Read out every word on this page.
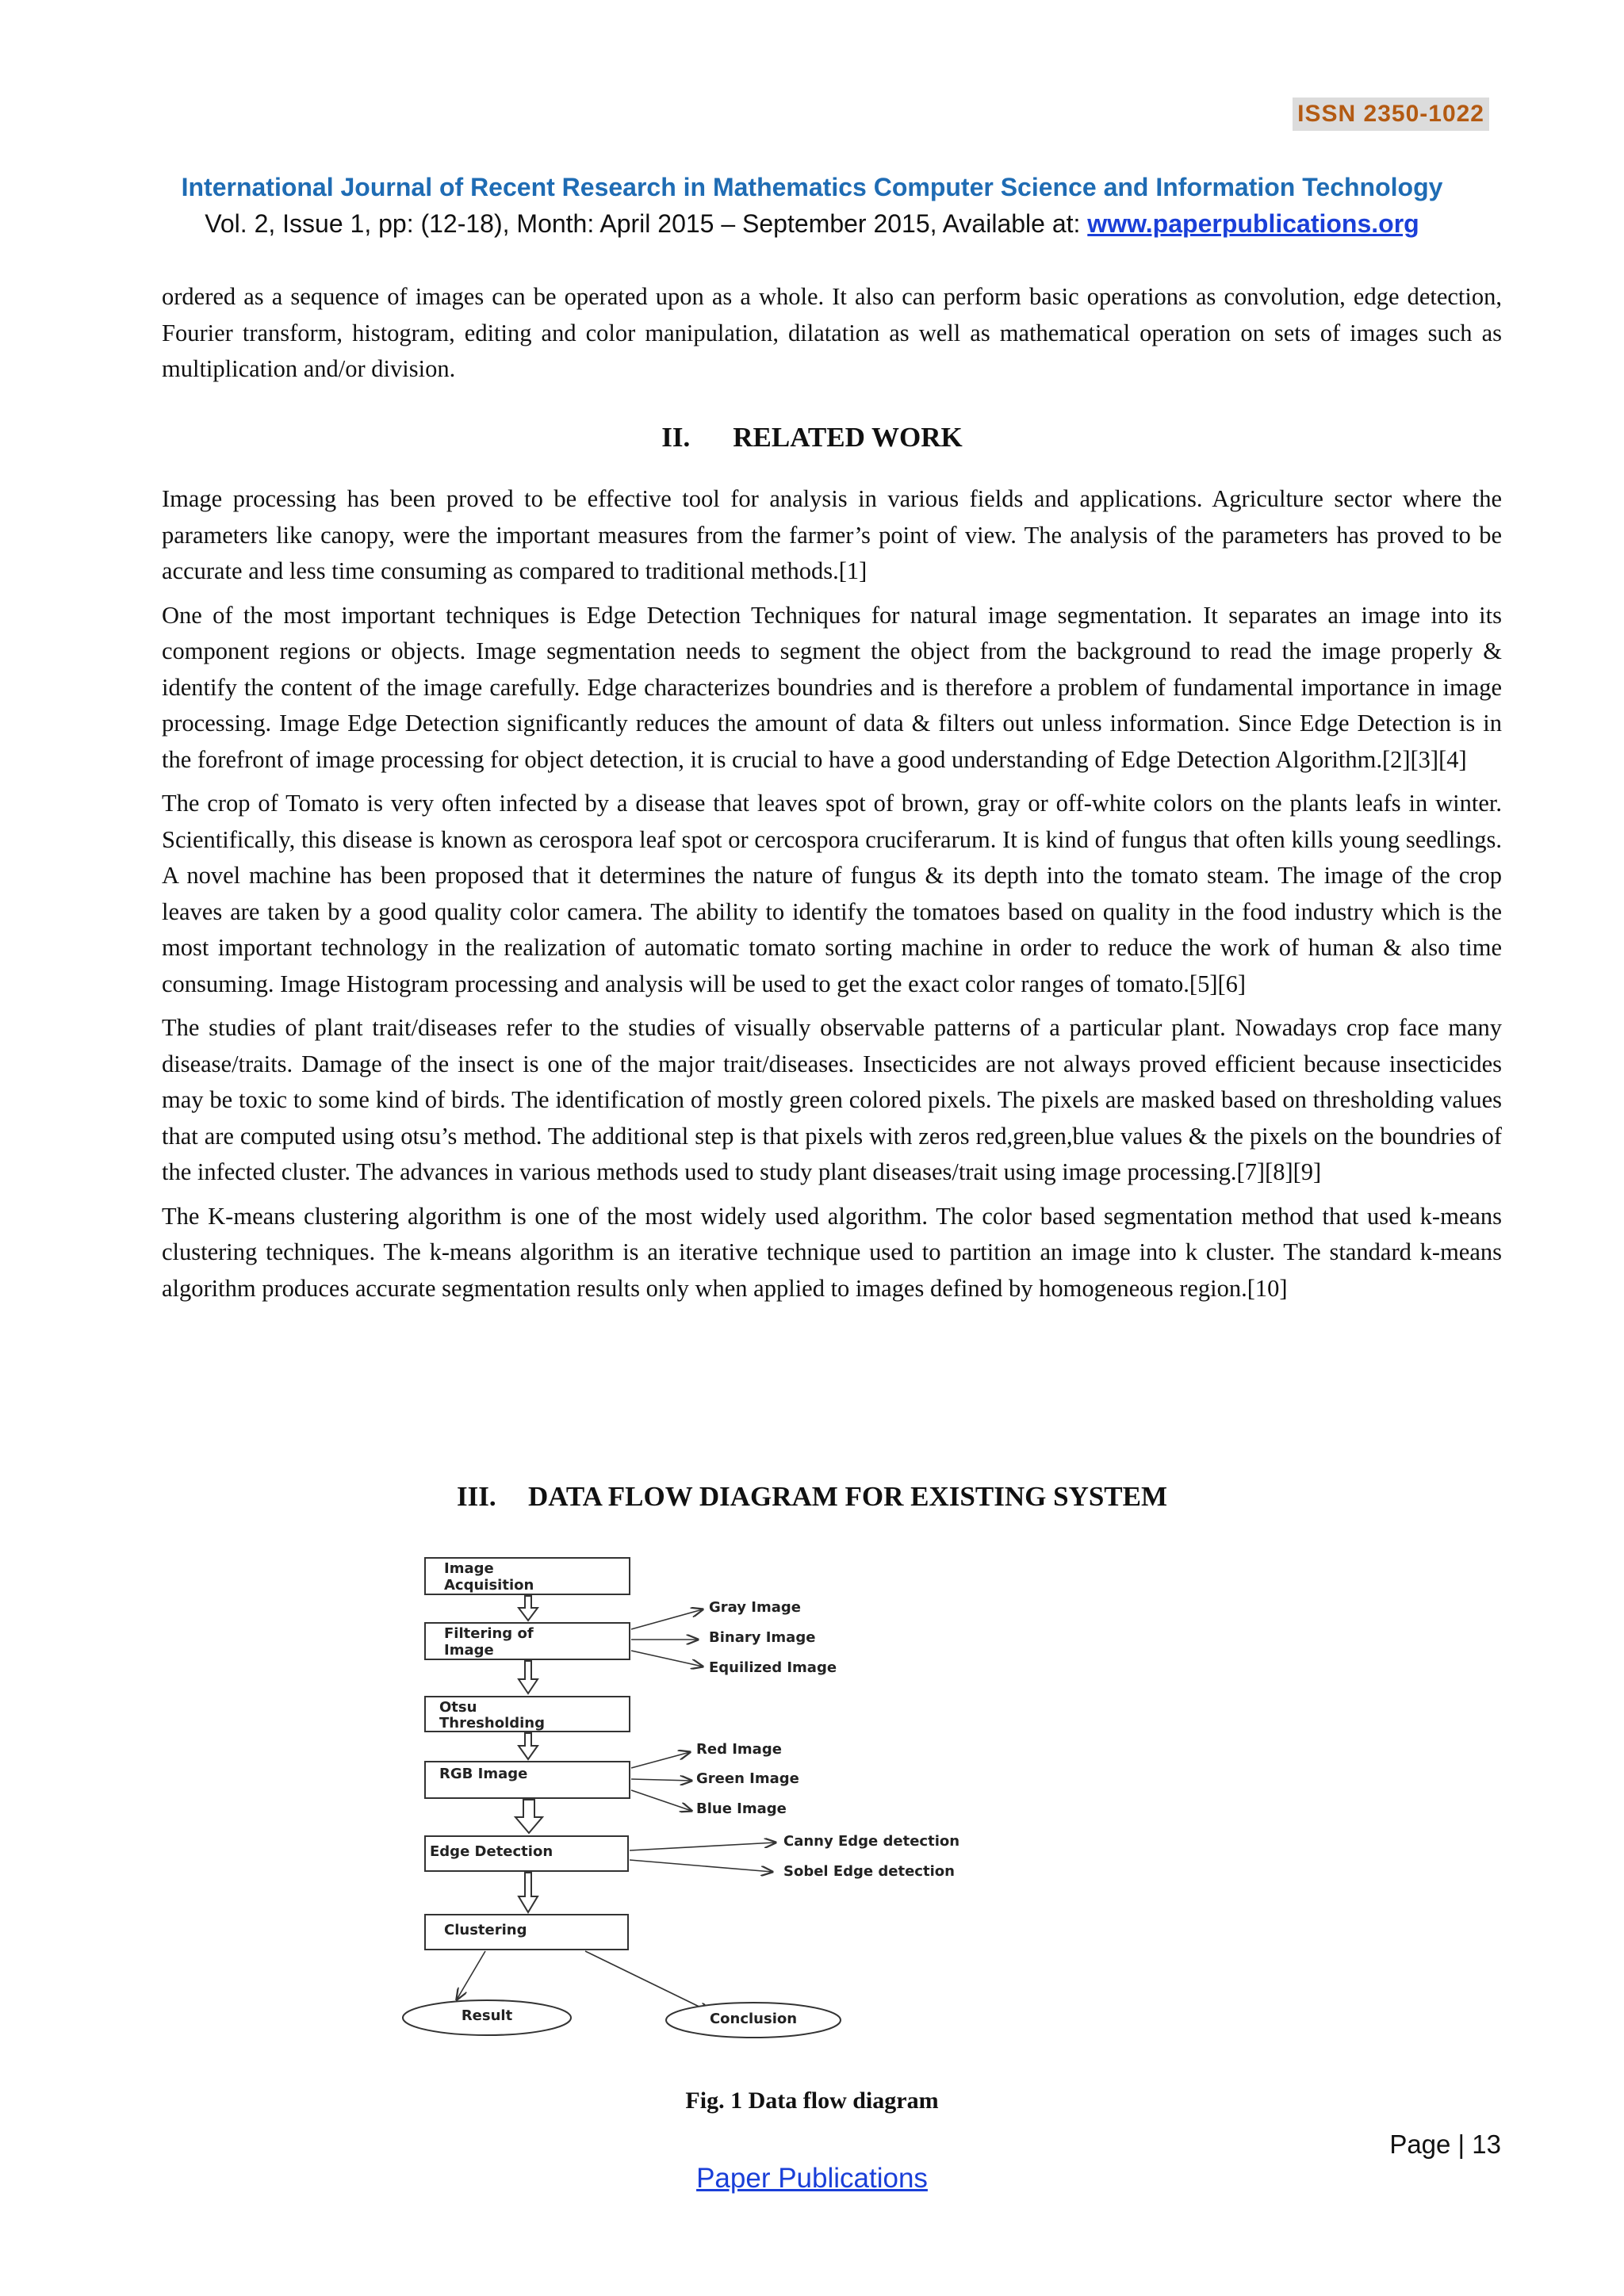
ISSN 2350-1022
International Journal of Recent Research in Mathematics Computer Science and Information Technology
Vol. 2, Issue 1, pp: (12-18), Month: April 2015 – September 2015, Available at: www.paperpublications.org

ordered as a sequence of images can be operated upon as a whole. It also can perform basic operations as convolution, edge detection, Fourier transform, histogram, editing and color manipulation, dilatation as well as mathematical operation on sets of images such as multiplication and/or division.

II. RELATED WORK

Image processing has been proved to be effective tool for analysis in various fields and applications. Agriculture sector where the parameters like canopy, were the important measures from the farmer’s point of view. The analysis of the parameters has proved to be accurate and less time consuming as compared to traditional methods.[1]

One of the most important techniques is Edge Detection Techniques for natural image segmentation. It separates an image into its component regions or objects. Image segmentation needs to segment the object from the background to read the image properly & identify the content of the image carefully. Edge characterizes boundries and is therefore a problem of fundamental importance in image processing. Image Edge Detection significantly reduces the amount of data & filters out unless information. Since Edge Detection is in the forefront of image processing for object detection, it is crucial to have a good understanding of Edge Detection Algorithm.[2][3][4]

The crop of Tomato is very often infected by a disease that leaves spot of brown, gray or off-white colors on the plants leafs in winter. Scientifically, this disease is known as cerospora leaf spot or cercospora cruciferarum. It is kind of fungus that often kills young seedlings. A novel machine has been proposed that it determines the nature of fungus & its depth into the tomato steam. The image of the crop leaves are taken by a good quality color camera. The ability to identify the tomatoes based on quality in the food industry which is the most important technology in the realization of automatic tomato sorting machine in order to reduce the work of human & also time consuming. Image Histogram processing and analysis will be used to get the exact color ranges of tomato.[5][6]

The studies of plant trait/diseases refer to the studies of visually observable patterns of a particular plant. Nowadays crop face many disease/traits. Damage of the insect is one of the major trait/diseases. Insecticides are not always proved efficient because insecticides may be toxic to some kind of birds. The identification of mostly green colored pixels. The pixels are masked based on thresholding values that are computed using otsu’s method. The additional step is that pixels with zeros red,green,blue values & the pixels on the boundries of the infected cluster. The advances in various methods used to study plant diseases/trait using image processing.[7][8][9]

The K-means clustering algorithm is one of the most widely used algorithm. The color based segmentation method that used k-means clustering techniques. The k-means algorithm is an iterative technique used to partition an image into k cluster. The standard k-means algorithm produces accurate segmentation results only when applied to images defined by homogeneous region.[10]

III. DATA FLOW DIAGRAM FOR EXISTING SYSTEM
Image
Acquisition
Filtering of
Image
Otsu
Thresholding
RGB Image
Edge Detection
Clustering
Gray Image
Binary Image
Equilized Image
Red Image
Green Image
Blue Image
Canny Edge detection
Sobel Edge detection
Result	Conclusion
Fig. 1 Data flow diagram
Page | 13
Paper Publications
